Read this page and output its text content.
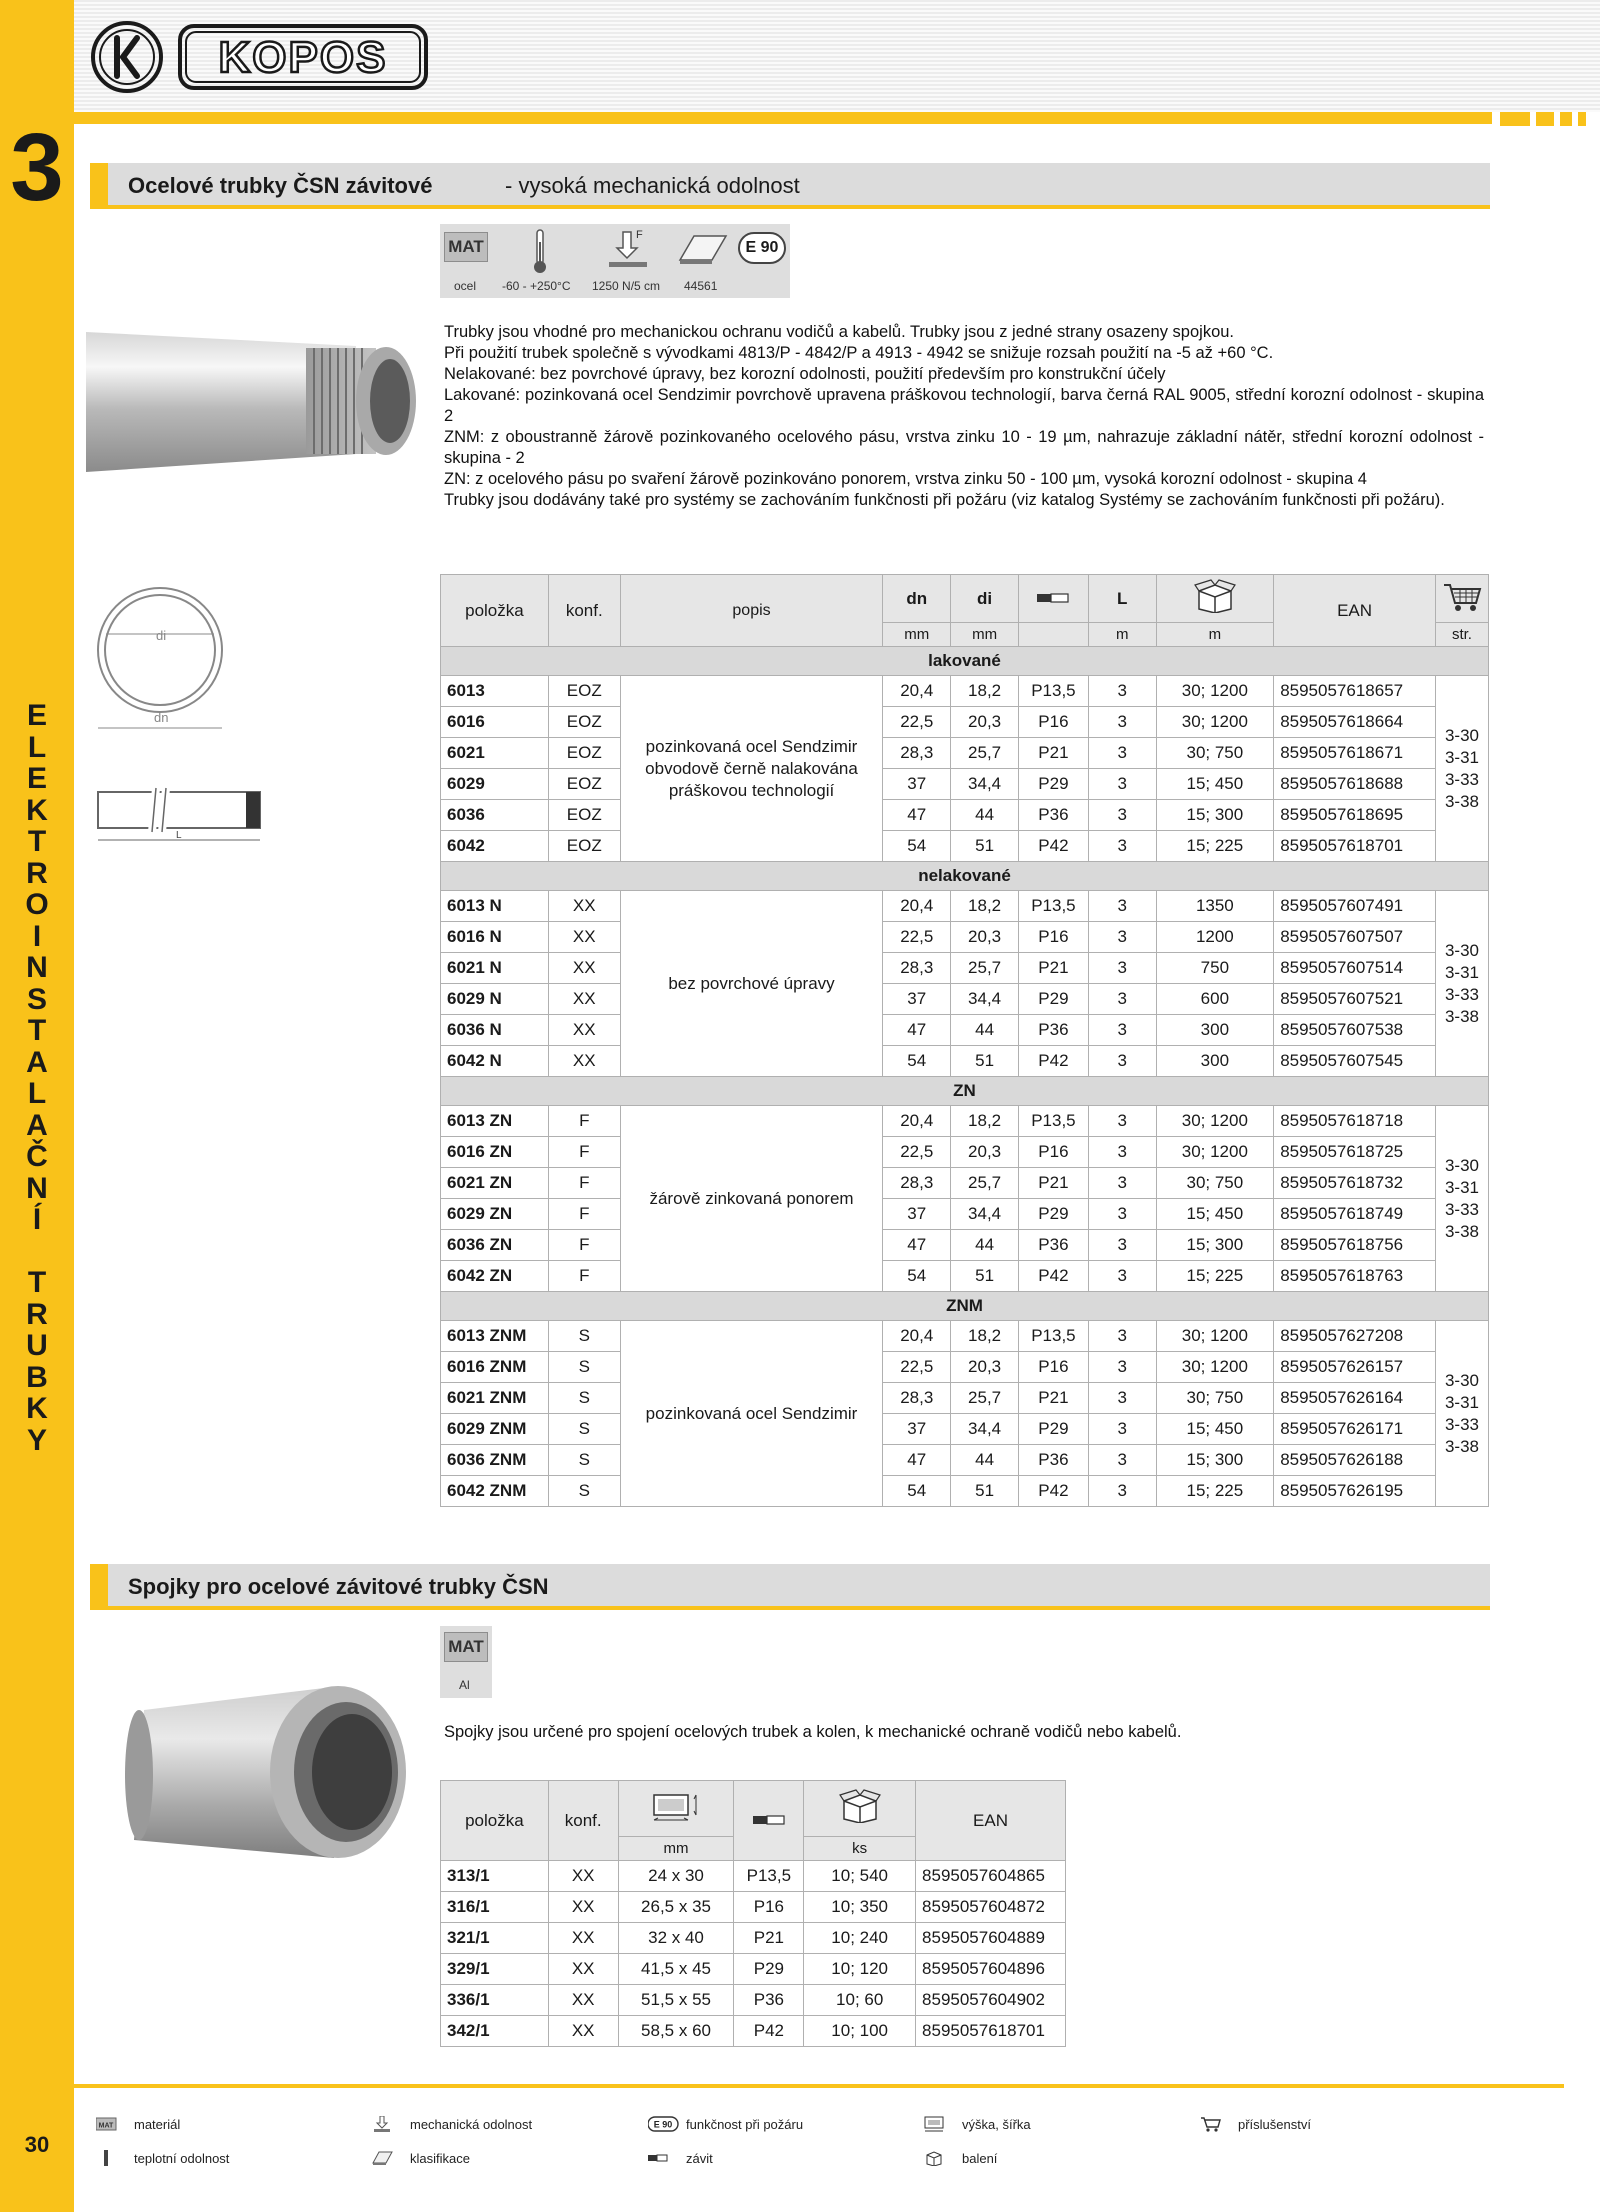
3
E
L
E
K
T
R
O
I
N
S
T
A
L
A
Č
N
Í
T
R
U
B
K
Y
30
KOPOS
Ocelové trubky ČSN závitové	- vysoká mechanická odolnost
MAT
F
E 90
ocel -60 - +250°C 1250 N/5 cm 44561

Trubky jsou vhodné pro mechanickou ochranu vodičů a kabelů. Trubky jsou z jedné strany osazeny spojkou.

Při použití trubek společně s vývodkami 4813/P - 4842/P a 4913 - 4942 se snižuje rozsah použití na -5 až +60 °C.

Nelakované: bez povrchové úpravy, bez korozní odolnosti, použití především pro konstrukční účely

Lakované: pozinkovaná ocel Sendzimir povrchově upravena práškovou technologií, barva černá RAL 9005, střední korozní odolnost - skupina 2

ZNM: z oboustranně žárově pozinkovaného ocelového pásu, vrstva zinku 10 - 19 µm, nahrazuje základní nátěr, střední korozní odolnost - skupina - 2

ZN: z ocelového pásu po svaření žárově pozinkováno ponorem, vrstva zinku 50 - 100 µm, vysoká korozní odolnost - skupina 4

Trubky jsou dodávány také pro systémy se zachováním funkčnosti při požáru (viz katalog Systémy se zachováním funkčnosti při požáru).

di
dn
L
položka	konf.	popis	dn	di		L		EAN	
			mm	mm		m	m		str.
lakované									
6013	EOZ	pozinkovaná ocel Sendzimir obvodově černě nalakována práškovou technologií	20,4	18,2	P13,5	3	30; 1200	8595057618657	3-30 3-31 3-33 3-38
6016	EOZ		22,5	20,3	P16	3	30; 1200	8595057618664	
6021	EOZ		28,3	25,7	P21	3	30; 750	8595057618671	
6029	EOZ		37	34,4	P29	3	15; 450	8595057618688	
6036	EOZ		47	44	P36	3	15; 300	8595057618695	
6042	EOZ		54	51	P42	3	15; 225	8595057618701	
nelakované									
6013 N	XX	bez povrchové úpravy	20,4	18,2	P13,5	3	1350	8595057607491	3-30 3-31 3-33 3-38
6016 N	XX		22,5	20,3	P16	3	1200	8595057607507	
6021 N	XX		28,3	25,7	P21	3	750	8595057607514	
6029 N	XX		37	34,4	P29	3	600	8595057607521	
6036 N	XX		47	44	P36	3	300	8595057607538	
6042 N	XX		54	51	P42	3	300	8595057607545	
ZN									
6013 ZN	F	žárově zinkovaná ponorem	20,4	18,2	P13,5	3	30; 1200	8595057618718	3-30 3-31 3-33 3-38
6016 ZN	F		22,5	20,3	P16	3	30; 1200	8595057618725	
6021 ZN	F		28,3	25,7	P21	3	30; 750	8595057618732	
6029 ZN	F		37	34,4	P29	3	15; 450	8595057618749	
6036 ZN	F		47	44	P36	3	15; 300	8595057618756	
6042 ZN	F		54	51	P42	3	15; 225	8595057618763	
ZNM									
6013 ZNM	S	pozinkovaná ocel Sendzimir	20,4	18,2	P13,5	3	30; 1200	8595057627208	3-30 3-31 3-33 3-38
6016 ZNM	S		22,5	20,3	P16	3	30; 1200	8595057626157	
6021 ZNM	S		28,3	25,7	P21	3	30; 750	8595057626164	
6029 ZNM	S		37	34,4	P29	3	15; 450	8595057626171	
6036 ZNM	S		47	44	P36	3	15; 300	8595057626188	
6042 ZNM	S		54	51	P42	3	15; 225	8595057626195	
Spojky pro ocelové závitové trubky ČSN
MAT
Al
Spojky jsou určené pro spojení ocelových trubek a kolen, k mechanické ochraně vodičů nebo kabelů.
položka	konf.				EAN
		mm		ks	
313/1	XX	24 x 30	P13,5	10; 540	8595057604865
316/1	XX	26,5 x 35	P16	10; 350	8595057604872
321/1	XX	32 x 40	P21	10; 240	8595057604889
329/1	XX	41,5 x 45	P29	10; 120	8595057604896
336/1	XX	51,5 x 55	P36	10; 60	8595057604902
342/1	XX	58,5 x 60	P42	10; 100	8595057618701
MAT materiál	mechanická odolnost	E 90 funkčnost při požáru	výška, šířka	příslušenství
teplotní odolnost	klasifikace	závit	balení
